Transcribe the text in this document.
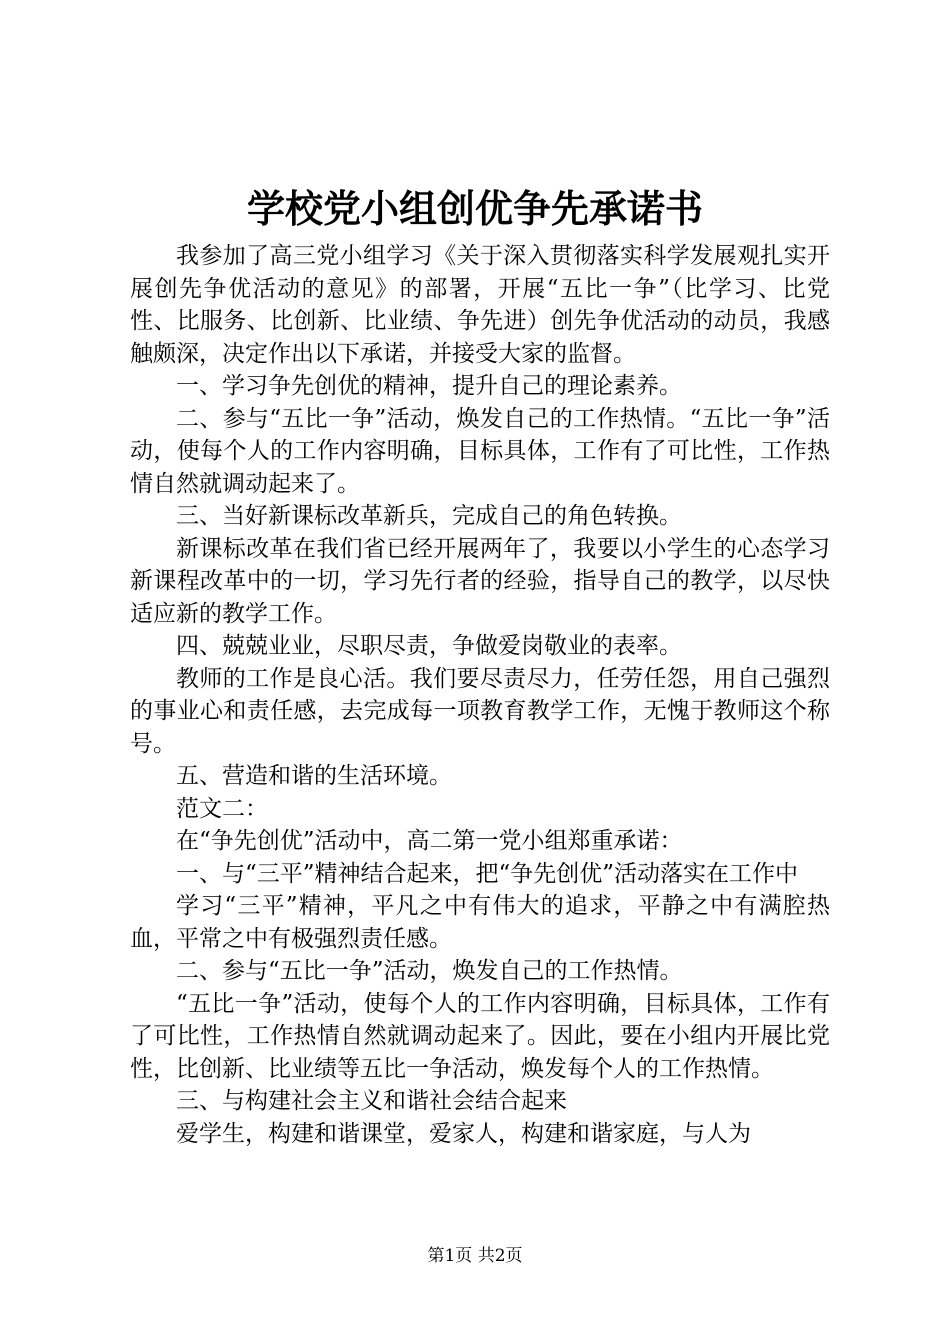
学校党小组创优争先承诺书

我参加了高三党小组学习《关于深入贯彻落实科学发展观扎实开展创先争优活动的意见》的部署，开展“五比一争”（比学习、比党性、比服务、比创新、比业绩、争先进）创先争优活动的动员，我感触颇深，决定作出以下承诺，并接受大家的监督。

一、学习争先创优的精神，提升自己的理论素养。

二、参与“五比一争”活动，焕发自己的工作热情。“五比一争”活动，使每个人的工作内容明确，目标具体，工作有了可比性，工作热情自然就调动起来了。

三、当好新课标改革新兵，完成自己的角色转换。

新课标改革在我们省已经开展两年了，我要以小学生的心态学习新课程改革中的一切，学习先行者的经验，指导自己的教学，以尽快适应新的教学工作。

四、兢兢业业，尽职尽责，争做爱岗敬业的表率。

教师的工作是良心活。我们要尽责尽力，任劳任怨，用自己强烈的事业心和责任感，去完成每一项教育教学工作，无愧于教师这个称号。

五、营造和谐的生活环境。

范文二：

在“争先创优”活动中，高二第一党小组郑重承诺：

一、与“三平”精神结合起来，把“争先创优”活动落实在工作中

学习“三平”精神，平凡之中有伟大的追求，平静之中有满腔热血，平常之中有极强烈责任感。

二、参与“五比一争”活动，焕发自己的工作热情。

“五比一争”活动，使每个人的工作内容明确，目标具体，工作有了可比性，工作热情自然就调动起来了。因此，要在小组内开展比党性，比创新、比业绩等五比一争活动，焕发每个人的工作热情。

三、与构建社会主义和谐社会结合起来

爱学生，构建和谐课堂，爱家人，构建和谐家庭，与人为

第1页 共2页
